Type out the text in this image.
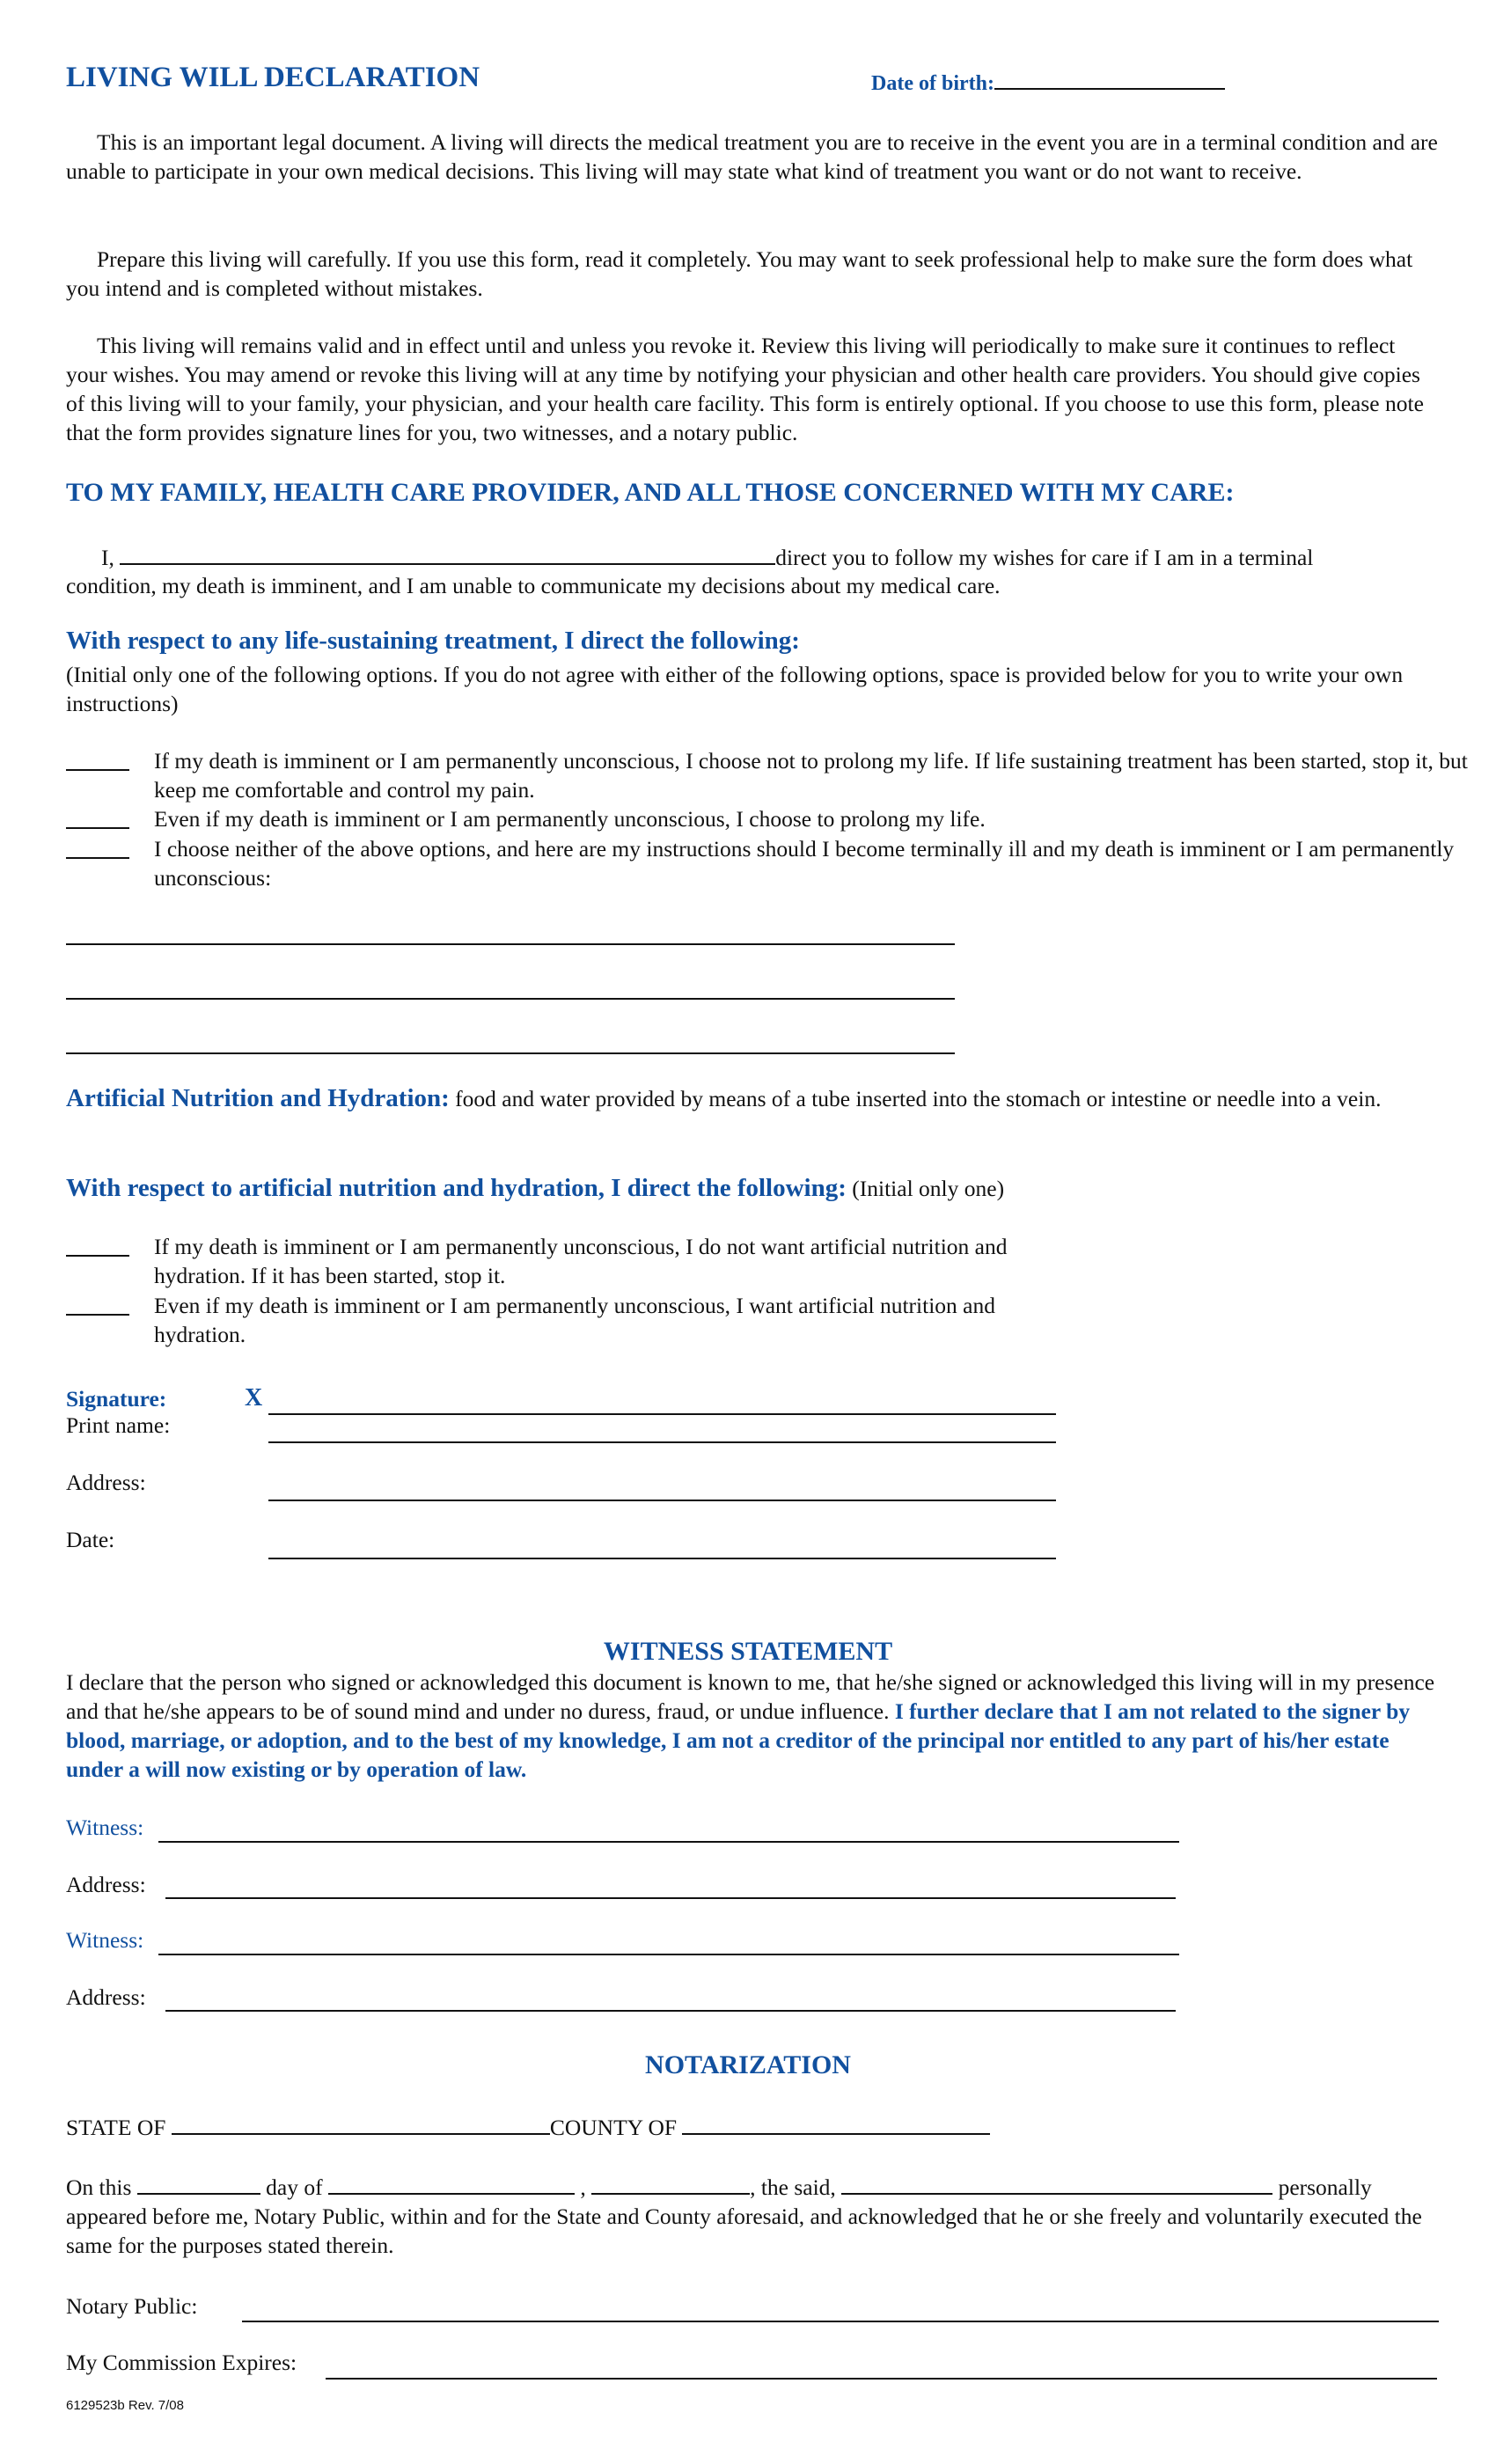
LIVING WILL DECLARATION	Date of birth:
This is an important legal document. A living will directs the medical treatment you are to receive in the event you are in a terminal condition and are unable to participate in your own medical decisions. This living will may state what kind of treatment you want or do not want to receive.
Prepare this living will carefully. If you use this form, read it completely. You may want to seek professional help to make sure the form does what you intend and is completed without mistakes.
This living will remains valid and in effect until and unless you revoke it. Review this living will periodically to make sure it continues to reflect your wishes. You may amend or revoke this living will at any time by notifying your physician and other health care providers. You should give copies of this living will to your family, your physician, and your health care facility. This form is entirely optional. If you choose to use this form, please note that the form provides signature lines for you, two witnesses, and a notary public.
TO MY FAMILY, HEALTH CARE PROVIDER, AND ALL THOSE CONCERNED WITH MY CARE:
I,	direct you to follow my wishes for care if I am in a terminal
condition, my death is imminent, and I am unable to communicate my decisions about my medical care.
With respect to any life-sustaining treatment, I direct the following:
(Initial only one of the following options. If you do not agree with either of the following options, space is provided below for you to write your own instructions)
If my death is imminent or I am permanently unconscious, I choose not to prolong my life. If life sustaining treatment has been started, stop it, but keep me comfortable and control my pain.
Even if my death is imminent or I am permanently unconscious, I choose to prolong my life.
I choose neither of the above options, and here are my instructions should I become terminally ill and my death is imminent or I am permanently unconscious:
Artificial Nutrition and Hydration: food and water provided by means of a tube inserted into the stomach or intestine or needle into a vein.
With respect to artificial nutrition and hydration, I direct the following: (Initial only one)
If my death is imminent or I am permanently unconscious, I do not want artificial nutrition and hydration. If it has been started, stop it.
Even if my death is imminent or I am permanently unconscious, I want artificial nutrition and hydration.
Signature:	X
Print name:
Address:
Date:
WITNESS STATEMENT
I declare that the person who signed or acknowledged this document is known to me, that he/she signed or acknowledged this living will in my presence and that he/she appears to be of sound mind and under no duress, fraud, or undue influence. I further declare that I am not related to the signer by blood, marriage, or adoption, and to the best of my knowledge, I am not a creditor of the principal nor entitled to any part of his/her estate under a will now existing or by operation of law.
Witness:
Address:
Witness:
Address:
NOTARIZATION
STATE OF	COUNTY OF
On this	day of	,	, the said,	personally appeared before me, Notary Public, within and for the State and County aforesaid, and acknowledged that he or she freely and voluntarily executed the same for the purposes stated therein.
Notary Public:
My Commission Expires:
6129523b Rev. 7/08
